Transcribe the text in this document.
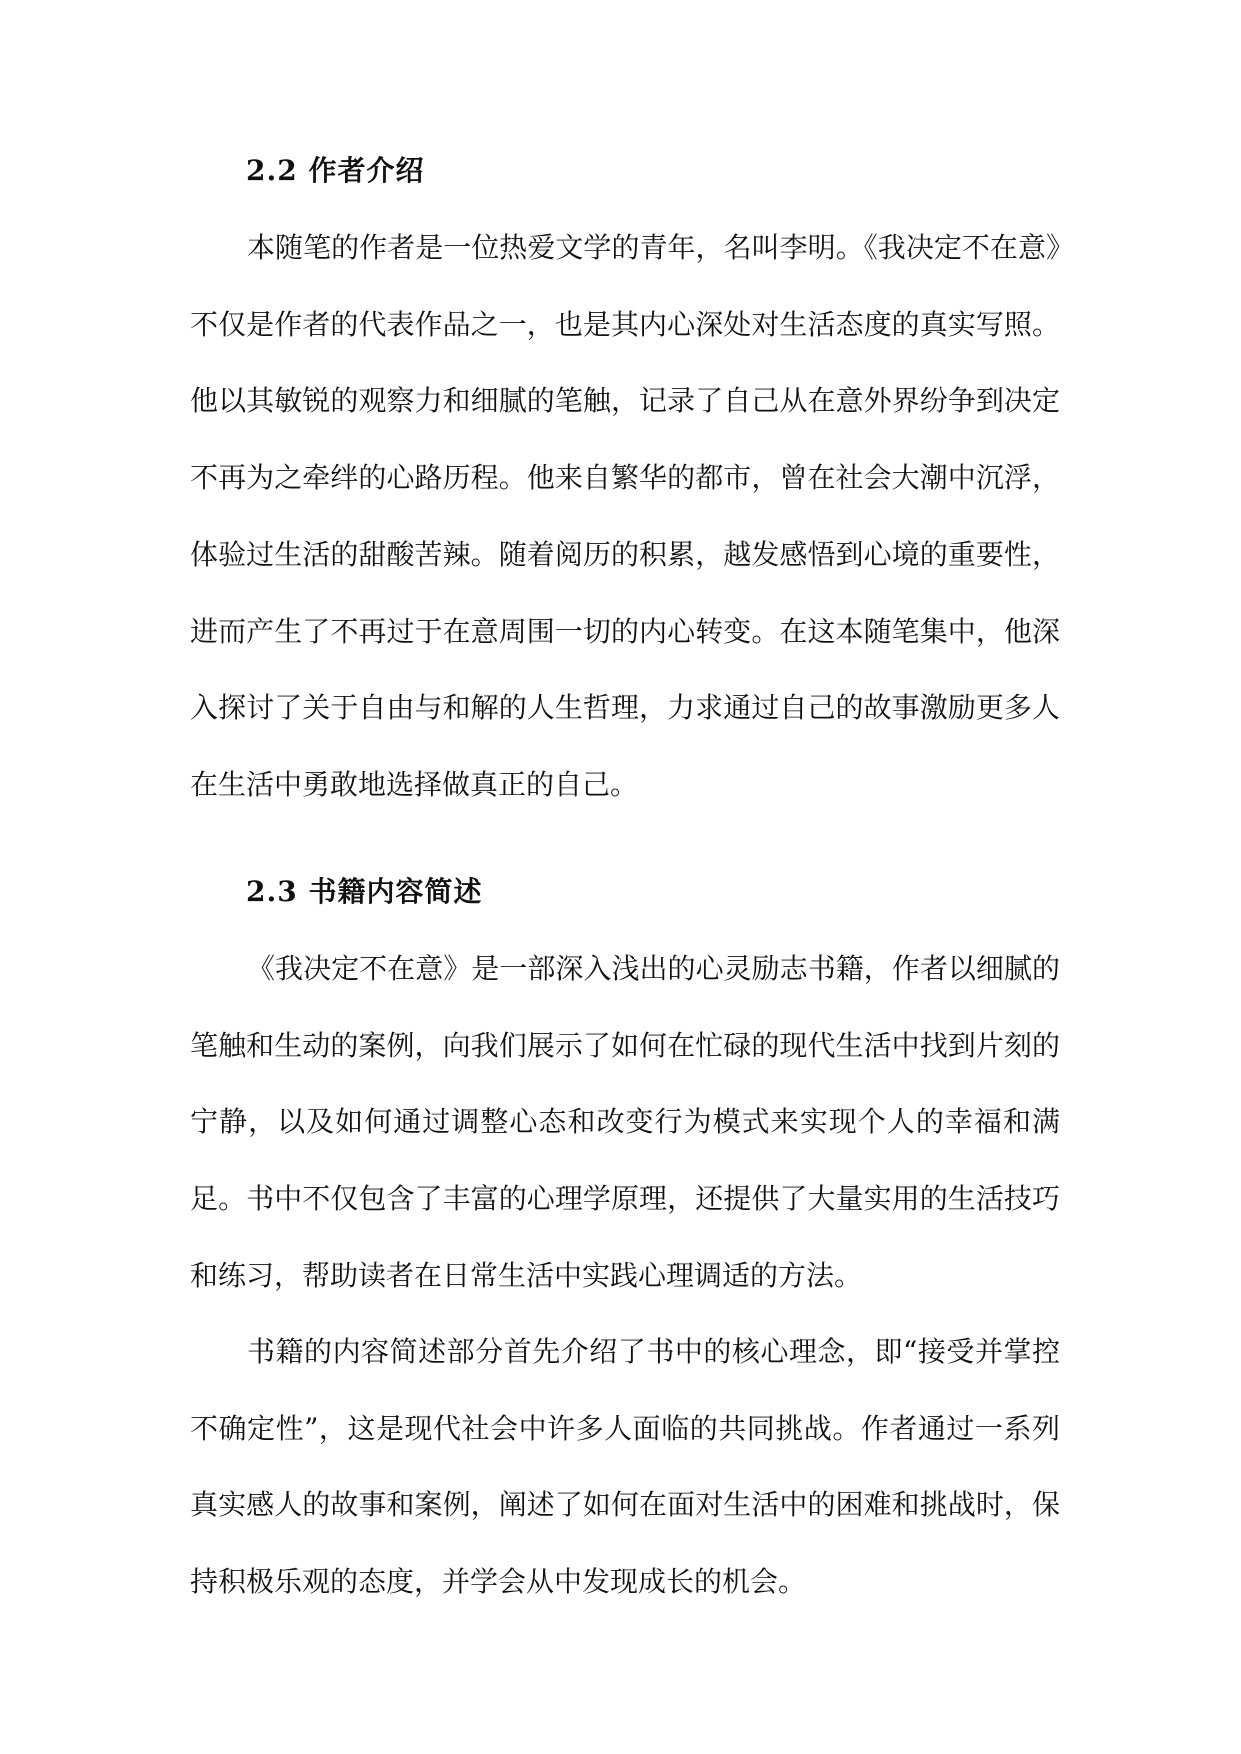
2.2 作者介绍

本随笔的作者是一位热爱文学的青年，名叫李明。《我决定不在意》不仅是作者的代表作品之一，也是其内心深处对生活态度的真实写照。他以其敏锐的观察力和细腻的笔触，记录了自己从在意外界纷争到决定不再为之牵绊的心路历程。他来自繁华的都市，曾在社会大潮中沉浮，体验过生活的甜酸苦辣。随着阅历的积累，越发感悟到心境的重要性，进而产生了不再过于在意周围一切的内心转变。在这本随笔集中，他深入探讨了关于自由与和解的人生哲理，力求通过自己的故事激励更多人在生活中勇敢地选择做真正的自己。

2.3 书籍内容简述

《我决定不在意》是一部深入浅出的心灵励志书籍，作者以细腻的笔触和生动的案例，向我们展示了如何在忙碌的现代生活中找到片刻的宁静，以及如何通过调整心态和改变行为模式来实现个人的幸福和满足。书中不仅包含了丰富的心理学原理，还提供了大量实用的生活技巧和练习，帮助读者在日常生活中实践心理调适的方法。

书籍的内容简述部分首先介绍了书中的核心理念，即“接受并掌控不确定性”，这是现代社会中许多人面临的共同挑战。作者通过一系列真实感人的故事和案例，阐述了如何在面对生活中的困难和挑战时，保持积极乐观的态度，并学会从中发现成长的机会。
